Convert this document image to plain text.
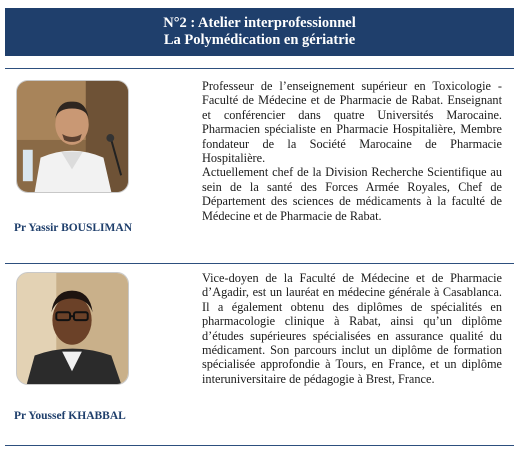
N°2 : Atelier interprofessionnel
La Polymédication en gériatrie
Pr Yassir BOUSLIMAN

Professeur de l’enseignement supérieur en Toxicologie - Faculté de Médecine et de Pharmacie de Rabat. Enseignant et conférencier dans quatre Universités Marocaine. Pharmacien spécialiste en Pharmacie Hospitalière, Membre fondateur de la Société Marocaine de Pharmacie Hospitalière.

Actuellement chef de la Division Recherche Scientifique au sein de la santé des Forces Armée Royales, Chef de Département des sciences de médicaments à la faculté de Médecine et de Pharmacie de Rabat.

Pr Youssef KHABBAL

Vice-doyen de la Faculté de Médecine et de Pharmacie d’Agadir, est un lauréat en médecine générale à Casablanca. Il a également obtenu des diplômes de spécialités en pharmacologie clinique à Rabat, ainsi qu’un diplôme d’études supérieures spécialisées en assurance qualité du médicament. Son parcours inclut un diplôme de formation spécialisée approfondie à Tours, en France, et un diplôme interuniversitaire de pédagogie à Brest, France.
